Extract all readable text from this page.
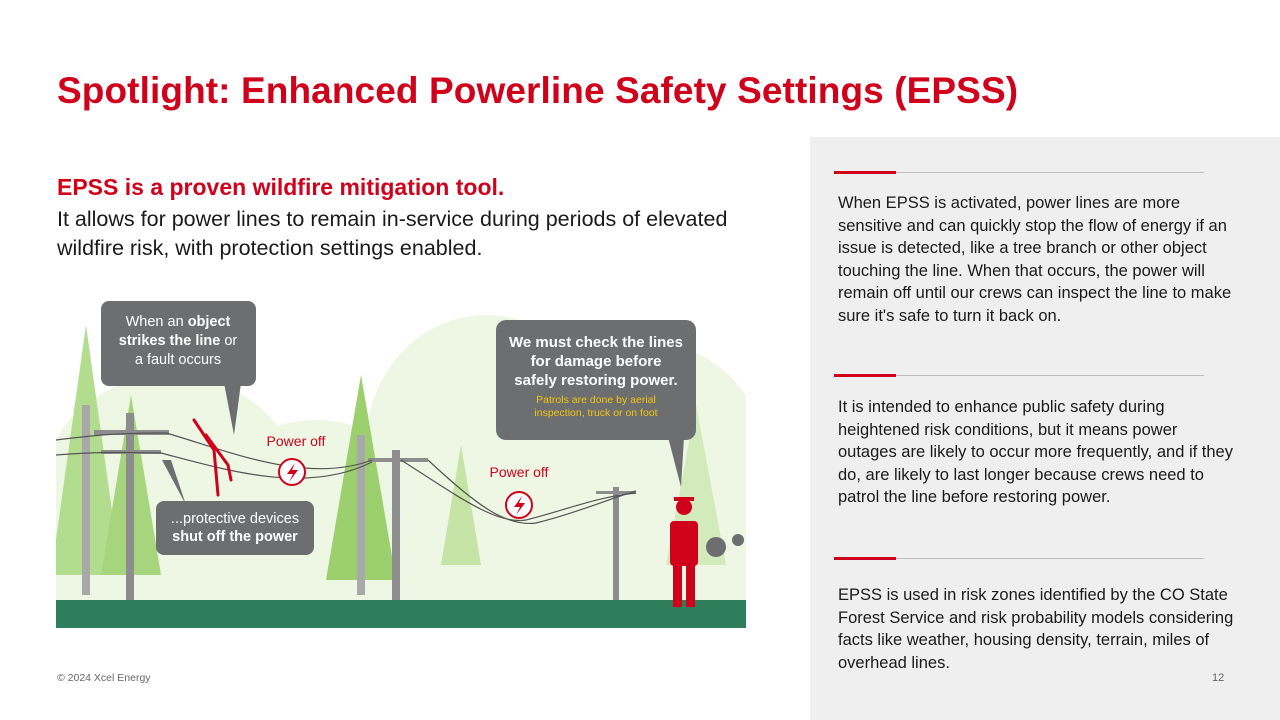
Spotlight: Enhanced Powerline Safety Settings (EPSS)
EPSS is a proven wildfire mitigation tool.
It allows for power lines to remain in-service during periods of elevated wildfire risk, with protection settings enabled.
Power off
Power off
When an object
strikes the line or
a fault occurs
...protective devices
shut off the power
We must check the lines
for damage before
safely restoring power.
Patrols are done by aerial
inspection, truck or on foot
When EPSS is activated, power lines are more sensitive and can quickly stop the flow of energy if an issue is detected, like a tree branch or other object touching the line. When that occurs, the power will remain off until our crews can inspect the line to make sure it's safe to turn it back on.
It is intended to enhance public safety during heightened risk conditions, but it means power outages are likely to occur more frequently, and if they do, are likely to last longer because crews need to patrol the line before restoring power.
EPSS is used in risk zones identified by the CO State Forest Service and risk probability models considering facts like weather, housing density, terrain, miles of overhead lines.
© 2024 Xcel Energy	12
